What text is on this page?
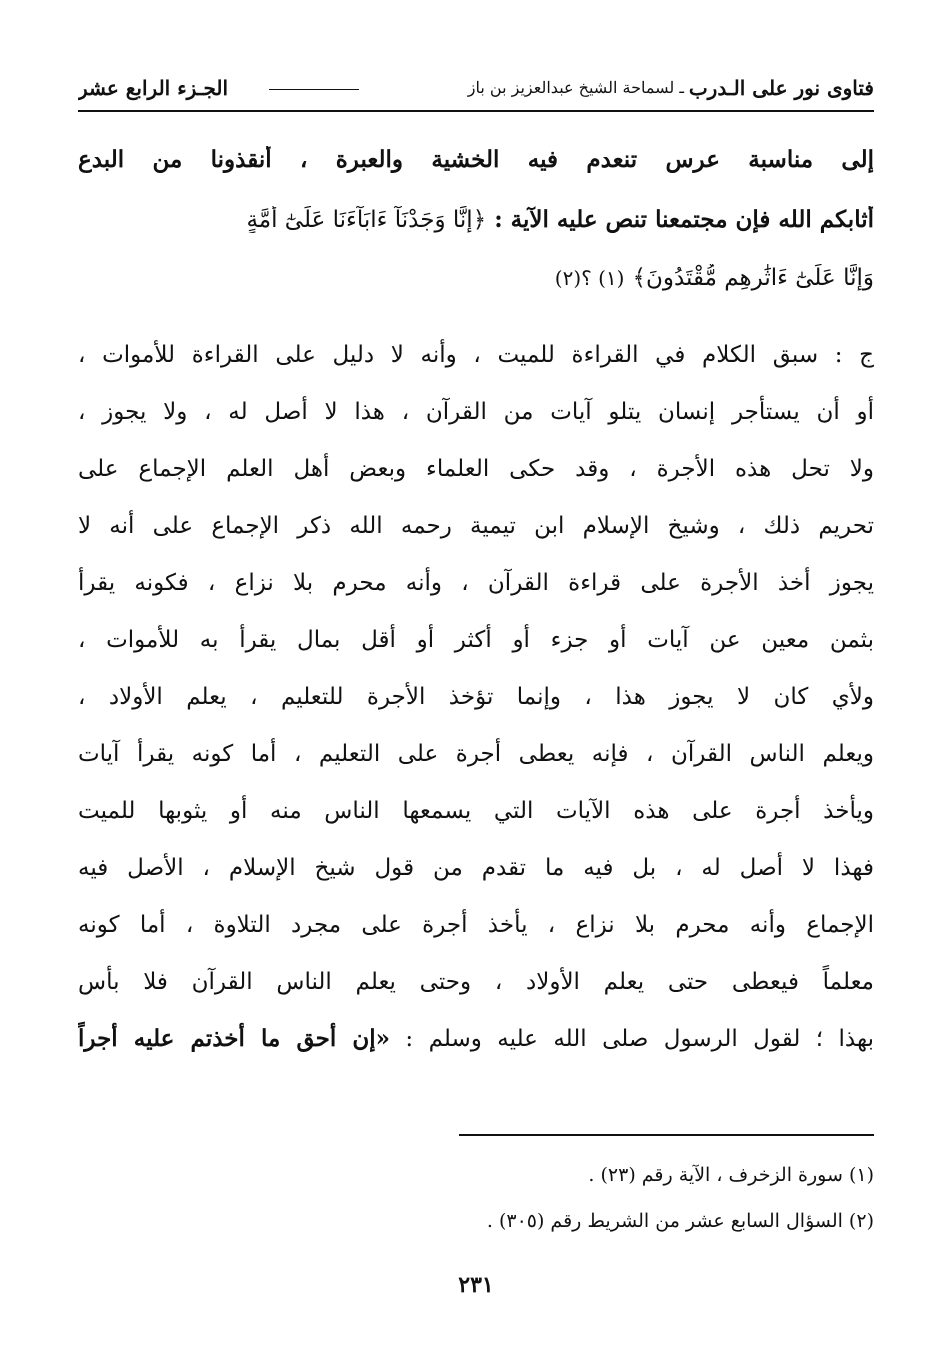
فتاوى نور على الـدرب
ـ لسماحة الشيخ عبدالعزيز بن باز
الجـزء الرابع عشر
إلى مناسبة عرس تنعدم فيه الخشية والعبرة ، أنقذونا من البدع
أثابكم الله فإن مجتمعنا تنص عليه الآية : ﴿إِنَّا وَجَدْنَآ ءَابَآءَنَا عَلَىٰٓ أُمَّةٍ
وَإِنَّا عَلَىٰٓ ءَاثَٰرِهِم مُّقْتَدُونَ﴾ (١) ؟(٢)
ج : سبق الكلام في القراءة للميت ، وأنه لا دليل على القراءة للأموات ،
أو أن يستأجر إنسان يتلو آيات من القرآن ، هذا لا أصل له ، ولا يجوز ،
ولا تحل هذه الأجرة ، وقد حكى العلماء وبعض أهل العلم الإجماع على
تحريم ذلك ، وشيخ الإسلام ابن تيمية رحمه الله ذكر الإجماع على أنه لا
يجوز أخذ الأجرة على قراءة القرآن ، وأنه محرم بلا نزاع ، فكونه يقرأ
بثمن معين عن آيات أو جزء أو أكثر أو أقل بمال يقرأ به للأموات ،
ولأي كان لا يجوز هذا ، وإنما تؤخذ الأجرة للتعليم ، يعلم الأولاد ،
ويعلم الناس القرآن ، فإنه يعطى أجرة على التعليم ، أما كونه يقرأ آيات
ويأخذ أجرة على هذه الآيات التي يسمعها الناس منه أو يثوبها للميت
فهذا لا أصل له ، بل فيه ما تقدم من قول شيخ الإسلام ، الأصل فيه
الإجماع وأنه محرم بلا نزاع ، يأخذ أجرة على مجرد التلاوة ، أما كونه
معلماً فيعطى حتى يعلم الأولاد ، وحتى يعلم الناس القرآن فلا بأس
بهذا ؛ لقول الرسول صلى الله عليه وسلم : «إن أحق ما أخذتم عليه أجراً
(١) سورة الزخرف ، الآية رقم (٢٣) .
(٢) السؤال السابع عشر من الشريط رقم (٣٠٥) .
٢٣١
